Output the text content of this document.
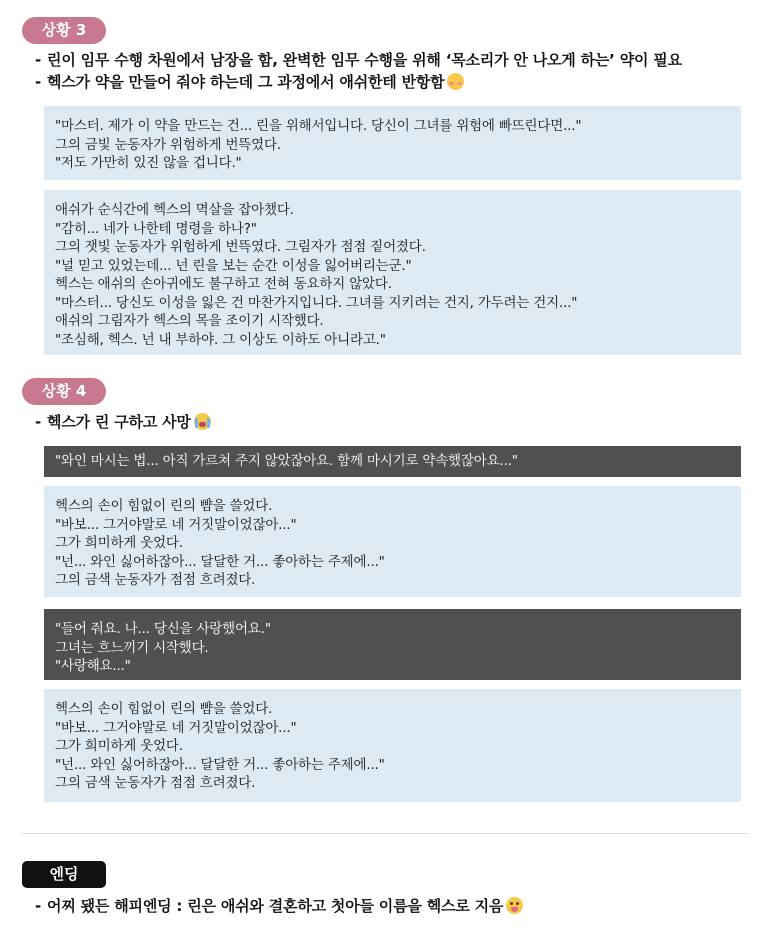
상황 3
- 린이 임무 수행 차원에서 남장을 함, 완벽한 임무 수행을 위해 ‘목소리가 안 나오게 하는’ 약이 필요
- 헥스가 약을 만들어 줘야 하는데 그 과정에서 애쉬한테 반항함
"마스터. 제가 이 약을 만드는 건... 린을 위해서입니다. 당신이 그녀를 위험에 빠뜨린다면..."
그의 금빛 눈동자가 위험하게 번뜩였다.
"저도 가만히 있진 않을 겁니다."
애쉬가 순식간에 헥스의 멱살을 잡아챘다.
"감히... 네가 나한테 명령을 하나?"
그의 잿빛 눈동자가 위험하게 번뜩였다. 그림자가 점점 짙어졌다.
"널 믿고 있었는데... 넌 린을 보는 순간 이성을 잃어버리는군."
헥스는 애쉬의 손아귀에도 불구하고 전혀 동요하지 않았다.
"마스터... 당신도 이성을 잃은 건 마찬가지입니다. 그녀를 지키려는 건지, 가두려는 건지..."
애쉬의 그림자가 헥스의 목을 조이기 시작했다.
"조심해, 헥스. 넌 내 부하야. 그 이상도 이하도 아니라고."
상황 4
- 헥스가 린 구하고 사망
"와인 마시는 법... 아직 가르쳐 주지 않았잖아요. 함께 마시기로 약속했잖아요..."
헥스의 손이 힘없이 린의 뺨을 쓸었다.
"바보... 그거야말로 네 거짓말이었잖아..."
그가 희미하게 웃었다.
"넌... 와인 싫어하잖아... 달달한 거... 좋아하는 주제에..."
그의 금색 눈동자가 점점 흐려졌다.
"들어 줘요. 나... 당신을 사랑했어요."
그녀는 흐느끼기 시작했다.
"사랑해요..."
헥스의 손이 힘없이 린의 뺨을 쓸었다.
"바보... 그거야말로 네 거짓말이었잖아..."
그가 희미하게 웃었다.
"넌... 와인 싫어하잖아... 달달한 거... 좋아하는 주제에..."
그의 금색 눈동자가 점점 흐려졌다.
엔딩
- 어찌 됐든 해피엔딩 : 린은 애쉬와 결혼하고 첫아들 이름을 헥스로 지음
